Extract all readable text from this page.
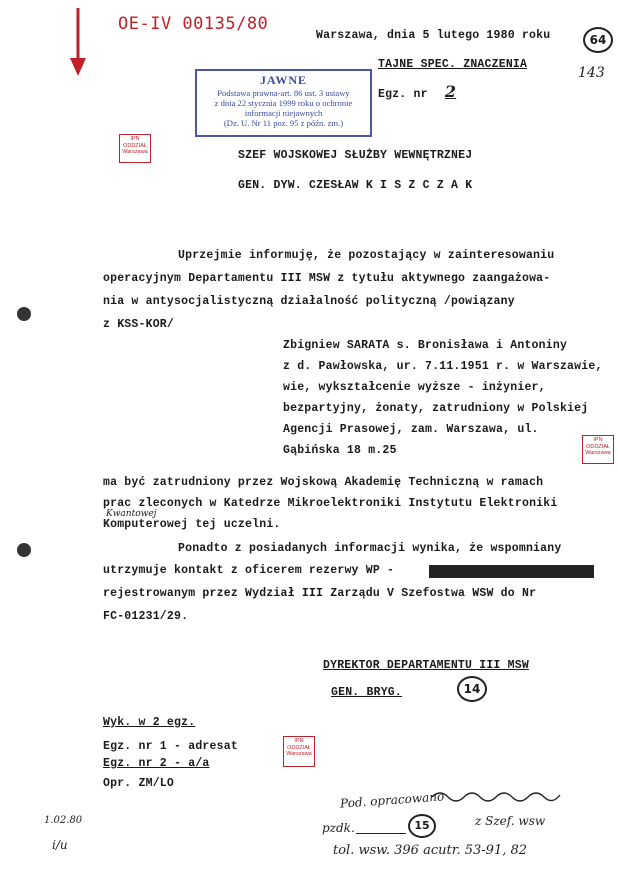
OE-IV 00135/80
Warszawa, dnia 5 lutego 1980 roku	64
143
TAJNE SPEC. ZNACZENIA
Egz. nr 2
JAWNE
Podstawa prawna-art. 86 ust. 3 ustawy
z dnia 22 stycznia 1999 roku o ochronie
informacji niejawnych
(Dz. U. Nr 11 poz. 95 z późn. zm.)
IPN
ODDZIAŁ
Warszawa
IPN
ODDZIAŁ
Warszawa
IPN
ODDZIAŁ
Warszawa
SZEF WOJSKOWEJ SŁUŻBY WEWNĘTRZNEJ
GEN. DYW. CZESŁAW K I S Z C Z A K
Uprzejmie informuję, że pozostający w zainteresowaniu
operacyjnym Departamentu III MSW z tytułu aktywnego zaangażowa-
nia w antysocjalistyczną działalność polityczną /powiązany
z KSS-KOR/
Zbigniew SARATA s. Bronisława i Antoniny
z d. Pawłowska, ur. 7.11.1951 r. w Warszawie,
wie, wykształcenie wyższe - inżynier,
bezpartyjny, żonaty, zatrudniony w Polskiej
Agencji Prasowej, zam. Warszawa, ul.
Gąbińska 18 m.25
ma być zatrudniony przez Wojskową Akademię Techniczną w ramach
prac zleconych w Katedrze Mikroelektroniki Instytutu Elektroniki
Kwantowej
Komputerowej tej uczelni.
Ponadto z posiadanych informacji wynika, że wspomniany
utrzymuje kontakt z oficerem rezerwy WP -
rejestrowanym przez Wydział III Zarządu V Szefostwa WSW do Nr
FC-01231/29.
DYREKTOR DEPARTAMENTU III MSW
GEN. BRYG.	14
Wyk. w 2 egz.
Egz. nr 1 - adresat
Egz. nr 2 - a/a
Opr. ZM/LO
Pod. opracowano
pzdk.	15	z Szef. wsw
tol. wsw. 396 acutr. 53-91, 82
1.02.80
i/u
